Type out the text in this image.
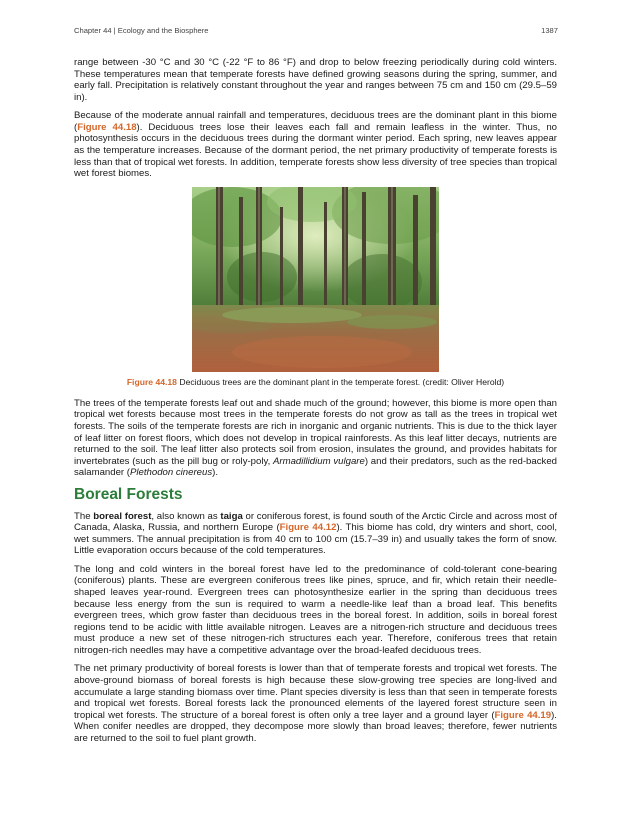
Chapter 44 | Ecology and the Biosphere	1387

range between -30 °C and 30 °C (-22 °F to 86 °F) and drop to below freezing periodically during cold winters. These temperatures mean that temperate forests have defined growing seasons during the spring, summer, and early fall. Precipitation is relatively constant throughout the year and ranges between 75 cm and 150 cm (29.5–59 in).

Because of the moderate annual rainfall and temperatures, deciduous trees are the dominant plant in this biome (Figure 44.18). Deciduous trees lose their leaves each fall and remain leafless in the winter. Thus, no photosynthesis occurs in the deciduous trees during the dormant winter period. Each spring, new leaves appear as the temperature increases. Because of the dormant period, the net primary productivity of temperate forests is less than that of tropical wet forests. In addition, temperate forests show less diversity of tree species than tropical wet forest biomes.

Figure 44.18 Deciduous trees are the dominant plant in the temperate forest. (credit: Oliver Herold)

The trees of the temperate forests leaf out and shade much of the ground; however, this biome is more open than tropical wet forests because most trees in the temperate forests do not grow as tall as the trees in tropical wet forests. The soils of the temperate forests are rich in inorganic and organic nutrients. This is due to the thick layer of leaf litter on forest floors, which does not develop in tropical rainforests. As this leaf litter decays, nutrients are returned to the soil. The leaf litter also protects soil from erosion, insulates the ground, and provides habitats for invertebrates (such as the pill bug or roly-poly, Armadillidium vulgare) and their predators, such as the red-backed salamander (Plethodon cinereus).

Boreal Forests

The boreal forest, also known as taiga or coniferous forest, is found south of the Arctic Circle and across most of Canada, Alaska, Russia, and northern Europe (Figure 44.12). This biome has cold, dry winters and short, cool, wet summers. The annual precipitation is from 40 cm to 100 cm (15.7–39 in) and usually takes the form of snow. Little evaporation occurs because of the cold temperatures.

The long and cold winters in the boreal forest have led to the predominance of cold-tolerant cone-bearing (coniferous) plants. These are evergreen coniferous trees like pines, spruce, and fir, which retain their needle-shaped leaves year-round. Evergreen trees can photosynthesize earlier in the spring than deciduous trees because less energy from the sun is required to warm a needle-like leaf than a broad leaf. This benefits evergreen trees, which grow faster than deciduous trees in the boreal forest. In addition, soils in boreal forest regions tend to be acidic with little available nitrogen. Leaves are a nitrogen-rich structure and deciduous trees must produce a new set of these nitrogen-rich structures each year. Therefore, coniferous trees that retain nitrogen-rich needles may have a competitive advantage over the broad-leafed deciduous trees.

The net primary productivity of boreal forests is lower than that of temperate forests and tropical wet forests. The above-ground biomass of boreal forests is high because these slow-growing tree species are long-lived and accumulate a large standing biomass over time. Plant species diversity is less than that seen in temperate forests and tropical wet forests. Boreal forests lack the pronounced elements of the layered forest structure seen in tropical wet forests. The structure of a boreal forest is often only a tree layer and a ground layer (Figure 44.19). When conifer needles are dropped, they decompose more slowly than broad leaves; therefore, fewer nutrients are returned to the soil to fuel plant growth.
